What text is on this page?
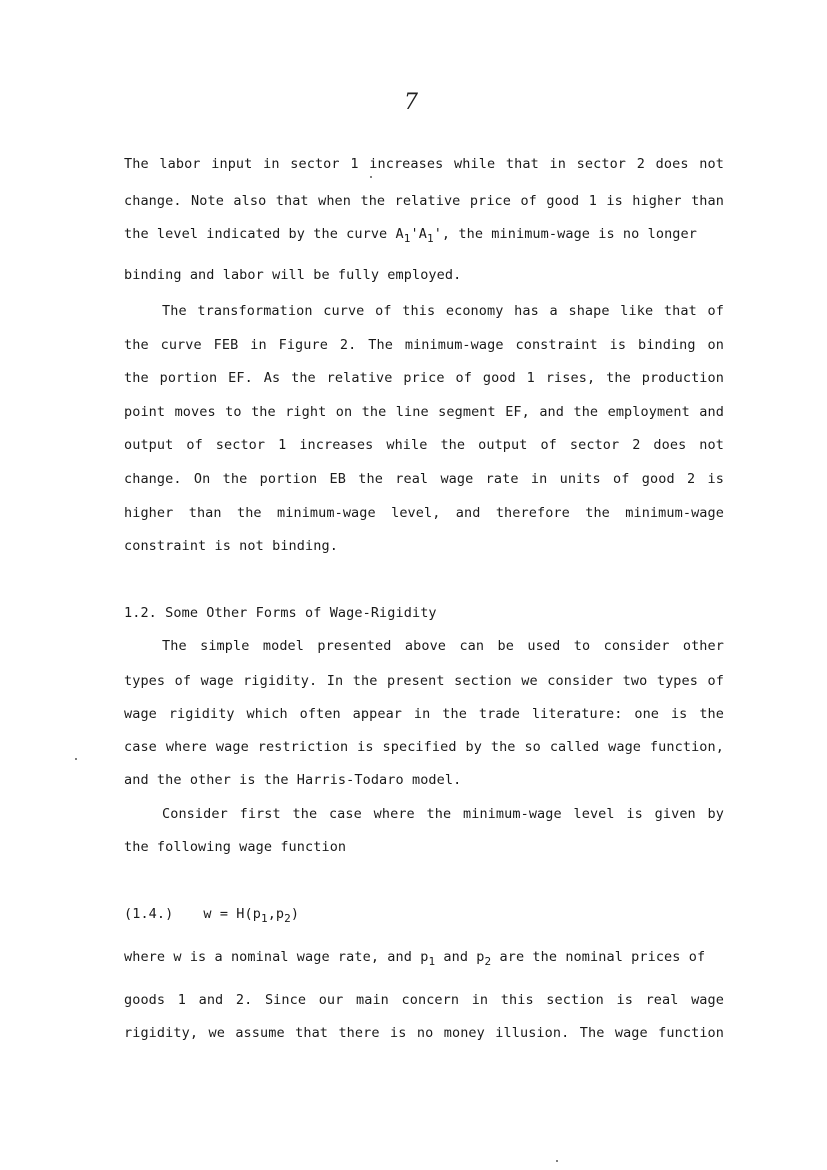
7
The labor input in sector 1 increases while that in sector 2 does not
change. Note also that when the relative price of good 1 is higher than
the level indicated by the curve $A_1'A_1'$, the minimum-wage is no longer
binding and labor will be fully employed.
The transformation curve of this economy has a shape like that of
the curve FEB in Figure 2. The minimum-wage constraint is binding on
the portion EF. As the relative price of good 1 rises, the production
point moves to the right on the line segment EF, and the employment and
output of sector 1 increases while the output of sector 2 does not
change. On the portion EB the real wage rate in units of good 2 is
higher than the minimum-wage level, and therefore the minimum-wage
constraint is not binding.
1.2. Some Other Forms of Wage-Rigidity
The simple model presented above can be used to consider other
types of wage rigidity. In the present section we consider two types of
wage rigidity which often appear in the trade literature: one is the
case where wage restriction is specified by the so called wage function,
and the other is the Harris-Todaro model.
Consider first the case where the minimum-wage level is given by
the following wage function
(1.4.) $w = H(p_1,p_2)$
where w is a nominal wage rate, and $p_1$ and $p_2$ are the nominal prices of
goods 1 and 2. Since our main concern in this section is real wage
rigidity, we assume that there is no money illusion. The wage function
